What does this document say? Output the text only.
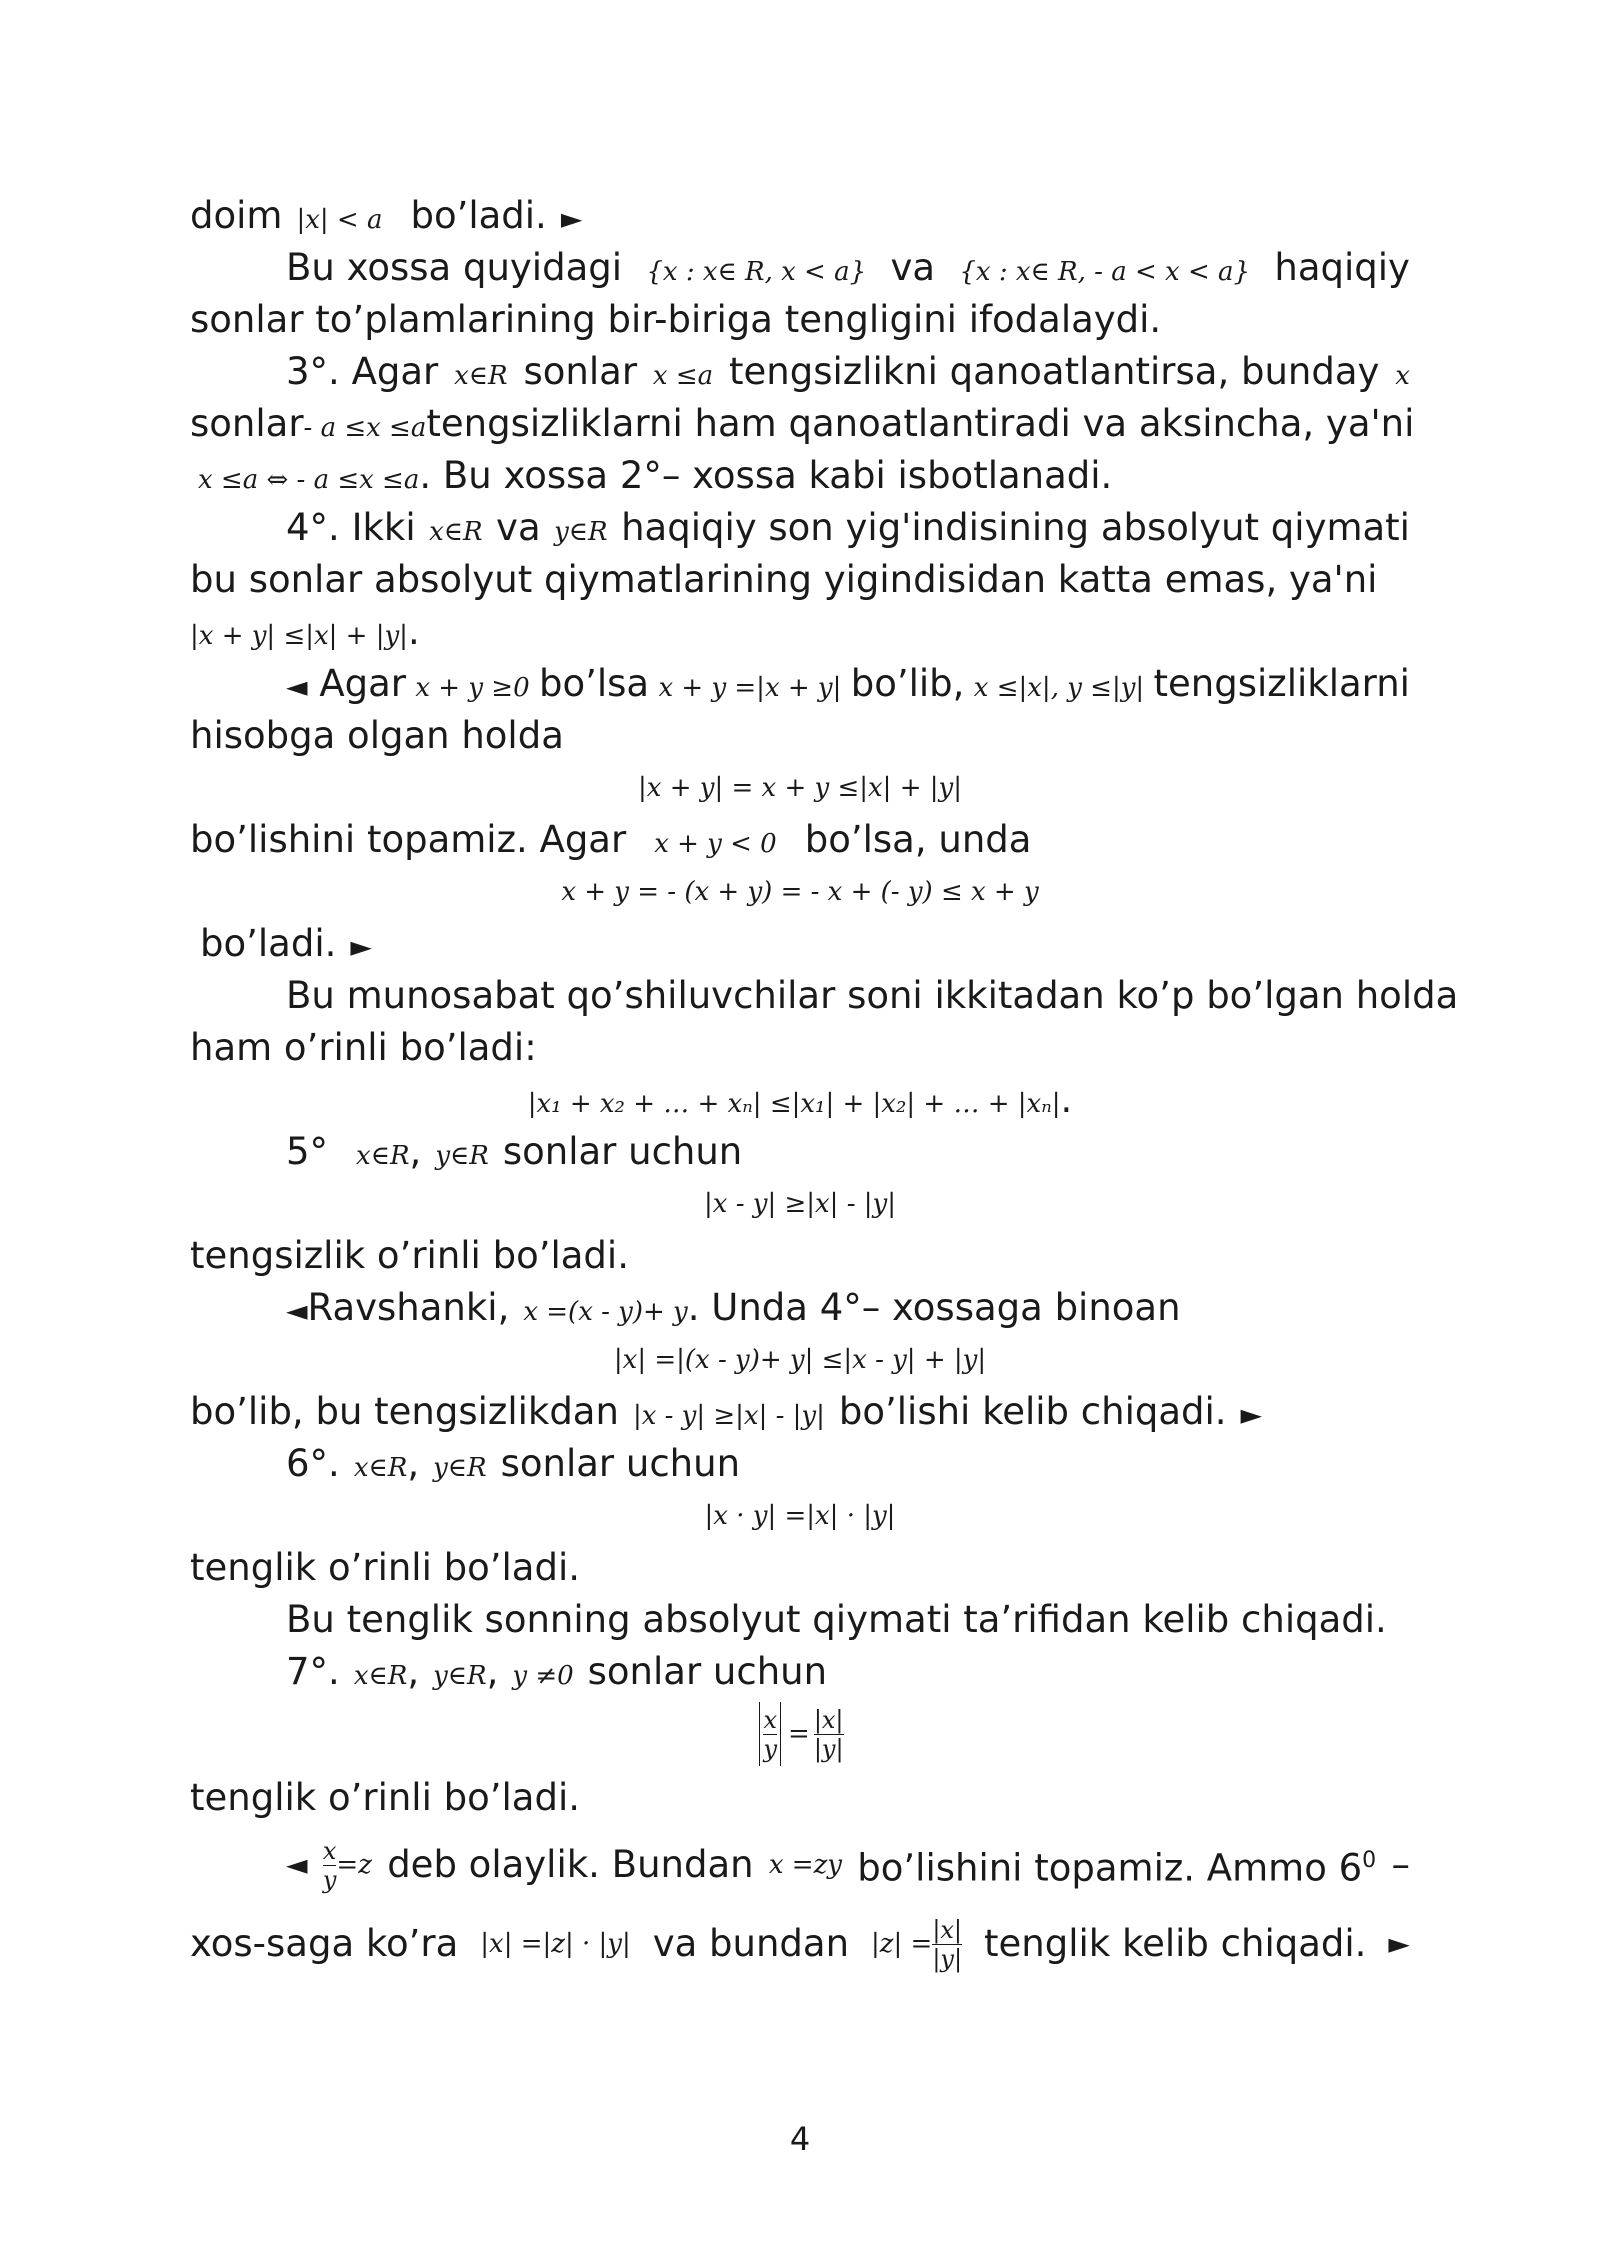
doim |x| < a bo’ladi. ►
Bu xossa quyidagi {x : x∈ R, x < a} va {x : x∈ R, - a < x < a} haqiqiy
sonlar to’plamlarining bir-biriga tengligini ifodalaydi.
3°. Agar x∈R sonlar x ≤a tengsizlikni qanoatlantirsa, bunday x
sonlar - a ≤x ≤a tengsizliklarni ham qanoatlantiradi va aksincha, ya'ni
x ≤a ⇔ - a ≤x ≤a . Bu xossa 2°– xossa kabi isbotlanadi.
4°. Ikki x∈R va y∈R haqiqiy son yig'indisining absolyut qiymati
bu sonlar absolyut qiymatlarining yigindisidan katta emas, ya'ni
|x + y| ≤|x| + |y| .
◄ Agar x + y ≥0 bo’lsa x + y =|x + y| bo’lib, x ≤|x|, y ≤|y| tengsizliklarni
hisobga olgan holda
|x + y| = x + y ≤|x| + |y|
bo’lishini topamiz. Agar x + y < 0 bo’lsa, unda
x + y = - (x + y) = - x + (- y) ≤ x + y
bo’ladi. ►
Bu munosabat qo’shiluvchilar soni ikkitadan ko’p bo’lgan holda
ham o’rinli bo’ladi:
|x₁ + x₂ + … + xₙ| ≤|x₁| + |x₂| + … + |xₙ| .
5° x∈R , y∈R sonlar uchun
|x - y| ≥|x| - |y|
tengsizlik o’rinli bo’ladi.
◄ Ravshanki, x =(x - y)+ y . Unda 4°– xossaga binoan
|x| =|(x - y)+ y| ≤|x - y| + |y|
bo’lib, bu tengsizlikdan |x - y| ≥|x| - |y| bo’lishi kelib chiqadi. ►
6°. x∈R , y∈R sonlar uchun
|x · y| =|x| · |y|
tenglik o’rinli bo’ladi.
Bu tenglik sonning absolyut qiymati ta’rifidan kelib chiqadi.
7°. x∈R , y∈R , y ≠0 sonlar uchun
$\frac{x}{y} = \frac{|x|}{|y|}$
tenglik o’rinli bo’ladi.
◄ $\frac{x}{y} =z$ deb olaylik. Bundan x =zy bo’lishini topamiz. Ammo $6^0$ –
xos-saga ko’ra |x| =|z| · |y| va bundan $|z| = \frac{|x|}{|y|}$ tenglik kelib chiqadi. ►
4
